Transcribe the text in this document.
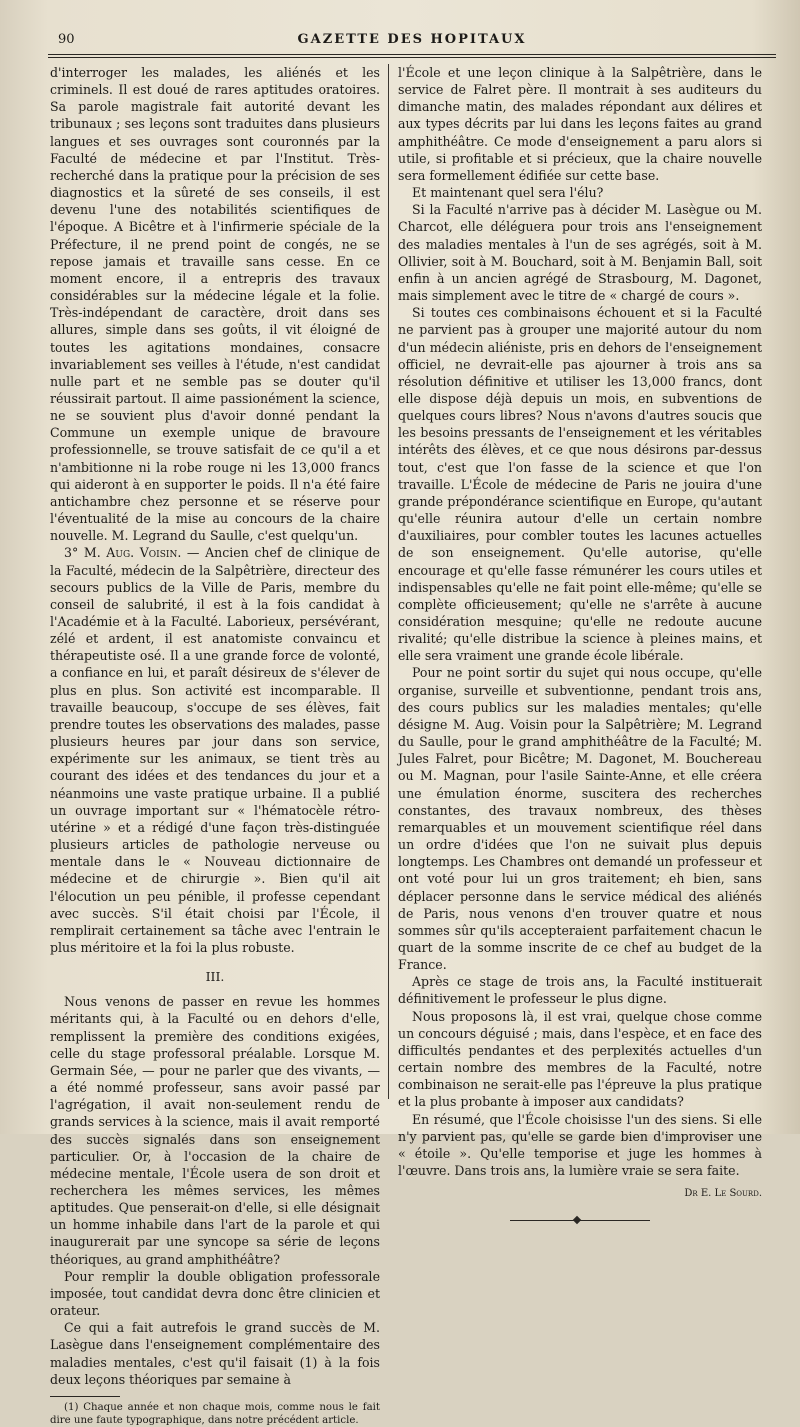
90	GAZETTE DES HOPITAUX

d'interroger les malades, les aliénés et les criminels. Il est doué de rares aptitudes oratoires. Sa parole magistrale fait autorité devant les tribunaux ; ses leçons sont traduites dans plusieurs langues et ses ouvrages sont couronnés par la Faculté de médecine et par l'Institut. Très-recherché dans la pratique pour la précision de ses diagnostics et la sûreté de ses conseils, il est devenu l'une des notabilités scientifiques de l'époque. A Bicêtre et à l'infirmerie spéciale de la Préfecture, il ne prend point de congés, ne se repose jamais et travaille sans cesse. En ce moment encore, il a entrepris des travaux considérables sur la médecine légale et la folie. Très-indépendant de caractère, droit dans ses allures, simple dans ses goûts, il vit éloigné de toutes les agitations mondaines, consacre invariablement ses veilles à l'étude, n'est candidat nulle part et ne semble pas se douter qu'il réussirait partout. Il aime passionément la science, ne se souvient plus d'avoir donné pendant la Commune un exemple unique de bravoure professionnelle, se trouve satisfait de ce qu'il a et n'ambitionne ni la robe rouge ni les 13,000 francs qui aideront à en supporter le poids. Il n'a été faire antichambre chez personne et se réserve pour l'éventualité de la mise au concours de la chaire nouvelle. M. Legrand du Saulle, c'est quelqu'un.

3° M. Aug. Voisin. — Ancien chef de clinique de la Faculté, médecin de la Salpêtrière, directeur des secours publics de la Ville de Paris, membre du conseil de salubrité, il est à la fois candidat à l'Académie et à la Faculté. Laborieux, persévérant, zélé et ardent, il est anatomiste convaincu et thérapeutiste osé. Il a une grande force de volonté, a confiance en lui, et paraît désireux de s'élever de plus en plus. Son activité est incomparable. Il travaille beaucoup, s'occupe de ses élèves, fait prendre toutes les observations des malades, passe plusieurs heures par jour dans son service, expérimente sur les animaux, se tient très au courant des idées et des tendances du jour et a néanmoins une vaste pratique urbaine. Il a publié un ouvrage important sur « l'hématocèle rétro-utérine » et a rédigé d'une façon très-distinguée plusieurs articles de pathologie nerveuse ou mentale dans le « Nouveau dictionnaire de médecine et de chirurgie ». Bien qu'il ait l'élocution un peu pénible, il professe cependant avec succès. S'il était choisi par l'École, il remplirait certainement sa tâche avec l'entrain le plus méritoire et la foi la plus robuste.

III.

Nous venons de passer en revue les hommes méritants qui, à la Faculté ou en dehors d'elle, remplissent la première des conditions exigées, celle du stage professoral préalable. Lorsque M. Germain Sée, — pour ne parler que des vivants, — a été nommé professeur, sans avoir passé par l'agrégation, il avait non-seulement rendu de grands services à la science, mais il avait remporté des succès signalés dans son enseignement particulier. Or, à l'occasion de la chaire de médecine mentale, l'École usera de son droit et recherchera les mêmes services, les mêmes aptitudes. Que penserait-on d'elle, si elle désignait un homme inhabile dans l'art de la parole et qui inaugurerait par une syncope sa série de leçons théoriques, au grand amphithéâtre?

Pour remplir la double obligation professorale imposée, tout candidat devra donc être clinicien et orateur.

Ce qui a fait autrefois le grand succès de M. Lasègue dans l'enseignement complémentaire des maladies mentales, c'est qu'il faisait (1) à la fois deux leçons théoriques par semaine à

(1) Chaque année et non chaque mois, comme nous le fait dire une faute typographique, dans notre précédent article.

l'École et une leçon clinique à la Salpêtrière, dans le service de Falret père. Il montrait à ses auditeurs du dimanche matin, des malades répondant aux délires et aux types décrits par lui dans les leçons faites au grand amphithéâtre. Ce mode d'enseignement a paru alors si utile, si profitable et si précieux, que la chaire nouvelle sera formellement édifiée sur cette base.

Et maintenant quel sera l'élu?

Si la Faculté n'arrive pas à décider M. Lasègue ou M. Charcot, elle déléguera pour trois ans l'enseignement des maladies mentales à l'un de ses agrégés, soit à M. Ollivier, soit à M. Bouchard, soit à M. Benjamin Ball, soit enfin à un ancien agrégé de Strasbourg, M. Dagonet, mais simplement avec le titre de « chargé de cours ».

Si toutes ces combinaisons échouent et si la Faculté ne parvient pas à grouper une majorité autour du nom d'un médecin aliéniste, pris en dehors de l'enseignement officiel, ne devrait-elle pas ajourner à trois ans sa résolution définitive et utiliser les 13,000 francs, dont elle dispose déjà depuis un mois, en subventions de quelques cours libres? Nous n'avons d'autres soucis que les besoins pressants de l'enseignement et les véritables intérêts des élèves, et ce que nous désirons par-dessus tout, c'est que l'on fasse de la science et que l'on travaille. L'École de médecine de Paris ne jouira d'une grande prépondérance scientifique en Europe, qu'autant qu'elle réunira autour d'elle un certain nombre d'auxiliaires, pour combler toutes les lacunes actuelles de son enseignement. Qu'elle autorise, qu'elle encourage et qu'elle fasse rémunérer les cours utiles et indispensables qu'elle ne fait point elle-même; qu'elle se complète officieusement; qu'elle ne s'arrête à aucune considération mesquine; qu'elle ne redoute aucune rivalité; qu'elle distribue la science à pleines mains, et elle sera vraiment une grande école libérale.

Pour ne point sortir du sujet qui nous occupe, qu'elle organise, surveille et subventionne, pendant trois ans, des cours publics sur les maladies mentales; qu'elle désigne M. Aug. Voisin pour la Salpêtrière; M. Legrand du Saulle, pour le grand amphithéâtre de la Faculté; M. Jules Falret, pour Bicêtre; M. Dagonet, M. Bouchereau ou M. Magnan, pour l'asile Sainte-Anne, et elle créera une émulation énorme, suscitera des recherches constantes, des travaux nombreux, des thèses remarquables et un mouvement scientifique réel dans un ordre d'idées que l'on ne suivait plus depuis longtemps. Les Chambres ont demandé un professeur et ont voté pour lui un gros traitement; eh bien, sans déplacer personne dans le service médical des aliénés de Paris, nous venons d'en trouver quatre et nous sommes sûr qu'ils accepteraient parfaitement chacun le quart de la somme inscrite de ce chef au budget de la France.

Après ce stage de trois ans, la Faculté instituerait définitivement le professeur le plus digne.

Nous proposons là, il est vrai, quelque chose comme un concours déguisé ; mais, dans l'espèce, et en face des difficultés pendantes et des perplexités actuelles d'un certain nombre des membres de la Faculté, notre combinaison ne serait-elle pas l'épreuve la plus pratique et la plus probante à imposer aux candidats?

En résumé, que l'École choisisse l'un des siens. Si elle n'y parvient pas, qu'elle se garde bien d'improviser une « étoile ». Qu'elle temporise et juge les hommes à l'œuvre. Dans trois ans, la lumière vraie se sera faite.

Dr E. Le Sourd.
